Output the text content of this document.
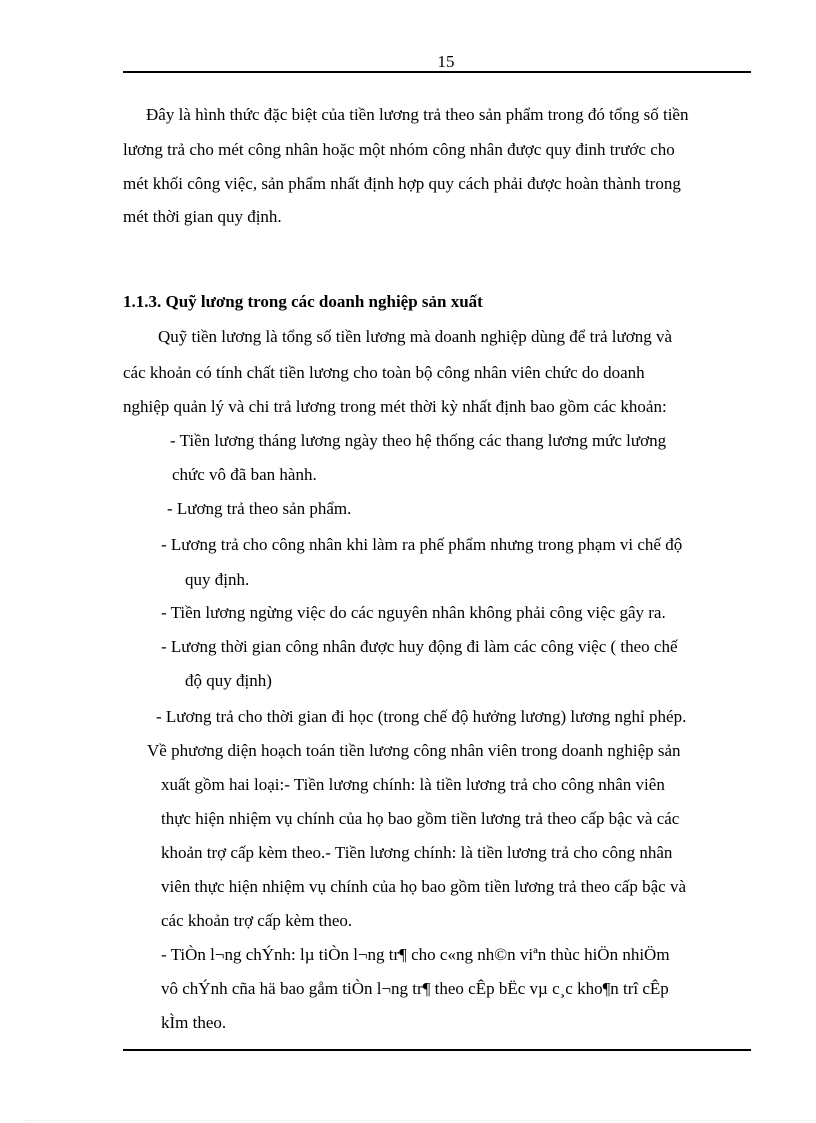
15
Đây là hình thức đặc biệt của tiền lương trả theo sản phẩm trong đó tổng số tiền
lương trả cho mét công nhân hoặc một nhóm công nhân được quy đinh trước cho
mét khối công việc, sản phẩm nhất định hợp quy cách phải được hoàn thành trong
mét thời gian quy định.
1.1.3. Quỹ lương trong các doanh nghiệp sản xuất
Quỹ tiền lương là tổng số tiền lương mà doanh nghiệp dùng để trả lương và
các khoản có tính chất tiền lương cho toàn bộ công nhân viên chức do doanh
nghiệp quản lý và chi trả lương trong mét thời kỳ nhất định bao gồm các khoản:
- Tiền lương tháng lương ngày theo hệ thống các thang lương mức lương
chức vô đã ban hành.
- Lương trả theo sản phẩm.
- Lương trả cho công nhân khi làm ra phế phẩm nhưng trong phạm vi chế độ
quy định.
- Tiền lương ngừng việc do các nguyên nhân không phải công việc gây ra.
- Lương thời gian công nhân được huy động đi làm các công việc ( theo chế
độ quy định)
- Lương trả cho thời gian đi học (trong chế độ hưởng lương) lương nghỉ phép.
Về phương diện hoạch toán tiền lương công nhân viên trong doanh nghiệp sản
xuất gồm hai loại:- Tiền lương chính: là tiền lương trả cho công nhân viên
thực hiện nhiệm vụ chính của họ bao gồm tiền lương trả theo cấp bậc và các
khoản trợ cấp kèm theo.- Tiền lương chính: là tiền lương trả cho công nhân
viên thực hiện nhiệm vụ chính của họ bao gồm tiền lương trả theo cấp bậc và
các khoản trợ cấp kèm theo.
- TiÒn l¬ng chÝnh: lµ tiÒn l¬ng tr¶ cho c«ng nh©n viªn thùc hiÖn nhiÖm
vô chÝnh cña hä bao gåm tiÒn l¬ng tr¶ theo cÊp bËc vµ c¸c kho¶n trî cÊp
kÌm theo.
